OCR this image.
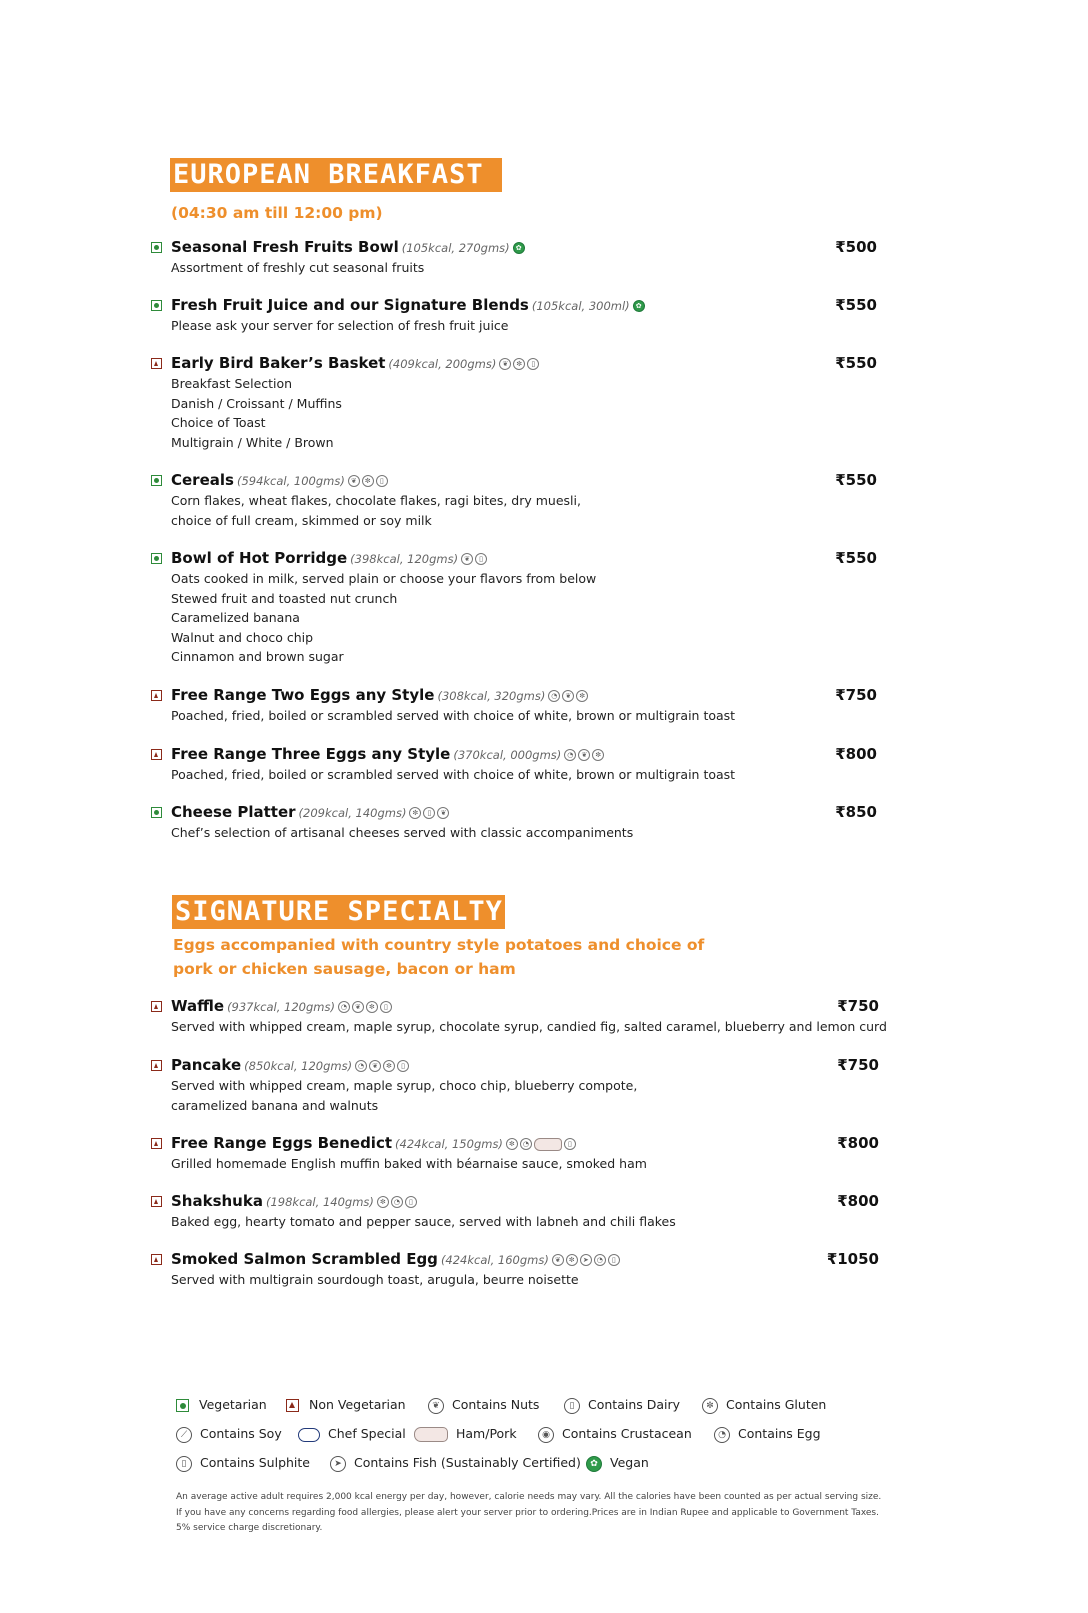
EUROPEAN BREAKFAST

(04:30 am till 12:00 pm)

Seasonal Fresh Fruits Bowl (105kcal, 270gms) ✿	₹500
Assortment of freshly cut seasonal fruits
Fresh Fruit Juice and our Signature Blends (105kcal, 300ml) ✿	₹550
Please ask your server for selection of fresh fruit juice
Early Bird Baker’s Basket (409kcal, 200gms) ❦ ✼ ▯	₹550
Breakfast Selection
Danish / Croissant / Muffins
Choice of Toast
Multigrain / White / Brown
Cereals (594kcal, 100gms) ❦ ✼ ▯	₹550
Corn flakes, wheat flakes, chocolate flakes, ragi bites, dry muesli,
choice of full cream, skimmed or soy milk
Bowl of Hot Porridge (398kcal, 120gms) ❦ ▯	₹550
Oats cooked in milk, served plain or choose your flavors from below
Stewed fruit and toasted nut crunch
Caramelized banana
Walnut and choco chip
Cinnamon and brown sugar
Free Range Two Eggs any Style (308kcal, 320gms) ◔ ❦ ✼	₹750
Poached, fried, boiled or scrambled served with choice of white, brown or multigrain toast
Free Range Three Eggs any Style (370kcal, 000gms) ◔ ❦ ✼	₹800
Poached, fried, boiled or scrambled served with choice of white, brown or multigrain toast
Cheese Platter (209kcal, 140gms) ✼ ▯ ❦	₹850
Chef’s selection of artisanal cheeses served with classic accompaniments
SIGNATURE SPECIALTY

Eggs accompanied with country style potatoes and choice of
pork or chicken sausage, bacon or ham

Waffle (937kcal, 120gms) ◔ ❦ ✼ ▯	₹750
Served with whipped cream, maple syrup, chocolate syrup, candied fig, salted caramel, blueberry and lemon curd
Pancake (850kcal, 120gms) ◔ ❦ ✼ ▯	₹750
Served with whipped cream, maple syrup, choco chip, blueberry compote,
caramelized banana and walnuts
Free Range Eggs Benedict (424kcal, 150gms) ✼ ◔	▯	₹800
Grilled homemade English muffin baked with béarnaise sauce, smoked ham
Shakshuka (198kcal, 140gms) ✼ ◔ ▯	₹800
Baked egg, hearty tomato and pepper sauce, served with labneh and chili flakes
Smoked Salmon Scrambled Egg (424kcal, 160gms) ❦ ✼ ➤ ◔ ▯	₹1050
Served with multigrain sourdough toast, arugula, beurre noisette
Vegetarian	Non Vegetarian	❦ Contains Nuts	▯ Contains Dairy	✼ Contains Gluten
⟋ Contains Soy	Chef Special	Ham/Pork	◉ Contains Crustacean	◔ Contains Egg
▯ Contains Sulphite	➤ Contains Fish (Sustainably Certified)	✿ Vegan
An average active adult requires 2,000 kcal energy per day, however, calorie needs may vary. All the calories have been counted as per actual serving size.
If you have any concerns regarding food allergies, please alert your server prior to ordering.Prices are in Indian Rupee and applicable to Government Taxes.
5% service charge discretionary.
